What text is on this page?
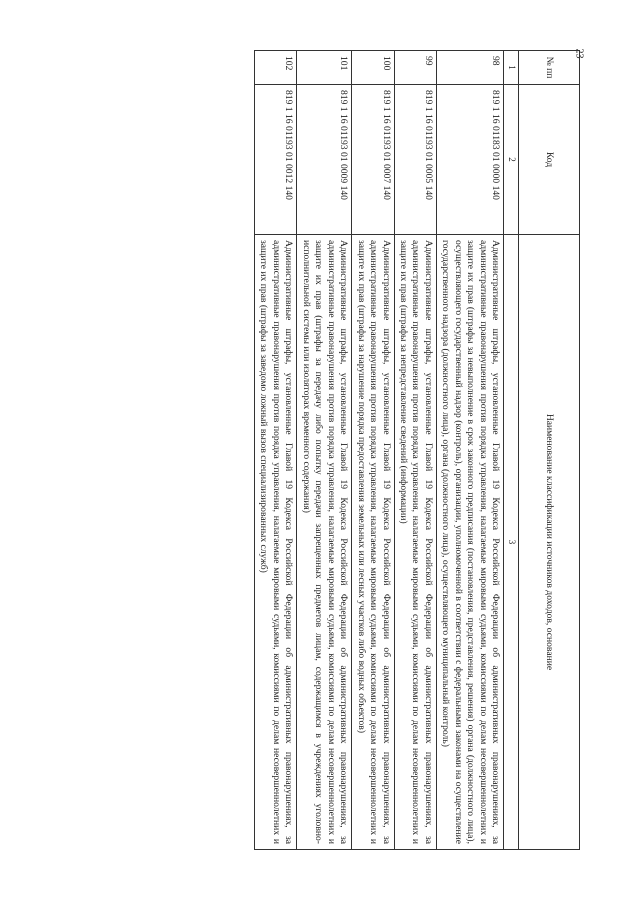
23
№ пп	Код	Наименование классификации источников доходов, основание
1	2	3
98	819 1 16 01183 01 0000 140	Административные штрафы, установленные Главой 19 Кодекса Российской Федерации об административных правонарушениях, за административные правонарушения против порядка управления, налагаемые мировыми судьями, комиссиями по делам несовершеннолетних и защите их прав (штрафы за невыполнение в срок законного предписания (постановления, представления, решения) органа (должностного лица), осуществляющего государственный надзор (контроль), организации, уполномоченной в соответствии с федеральными законами на осуществление государственного надзора (должностного лица), органа (должностного лица), осуществляющего муниципальный контроль)
99	819 1 16 01193 01 0005 140	Административные штрафы, установленные Главой 19 Кодекса Российской Федерации об административных правонарушениях, за административные правонарушения против порядка управления, налагаемые мировыми судьями, комиссиями по делам несовершеннолетних и защите их прав (штрафы за непредставление сведений (информации)
100	819 1 16 01193 01 0007 140	Административные штрафы, установленные Главой 19 Кодекса Российской Федерации об административных правонарушениях, за административные правонарушения против порядка управления, налагаемые мировыми судьями, комиссиями по делам несовершеннолетних и защите их прав (штрафы за нарушение порядка предоставления земельных или лесных участков либо водных объектов)
101	819 1 16 01193 01 0009 140	Административные штрафы, установленные Главой 19 Кодекса Российской Федерации об административных правонарушениях, за административные правонарушения против порядка управления, налагаемые мировыми судьями, комиссиями по делам несовершеннолетних и защите их прав (штрафы за передачу либо попытку передачи запрещенных предметов лицам, содержащимся в учреждениях уголовно-исполнительной системы или изоляторах временного содержания)
102	819 1 16 01193 01 0012 140	Административные штрафы, установленные Главой 19 Кодекса Российской Федерации об административных правонарушениях, за административные правонарушения против порядка управления, налагаемые мировыми судьями, комиссиями по делам несовершеннолетних и защите их прав (штрафы за заведомо ложный вызов специализированных служб)
